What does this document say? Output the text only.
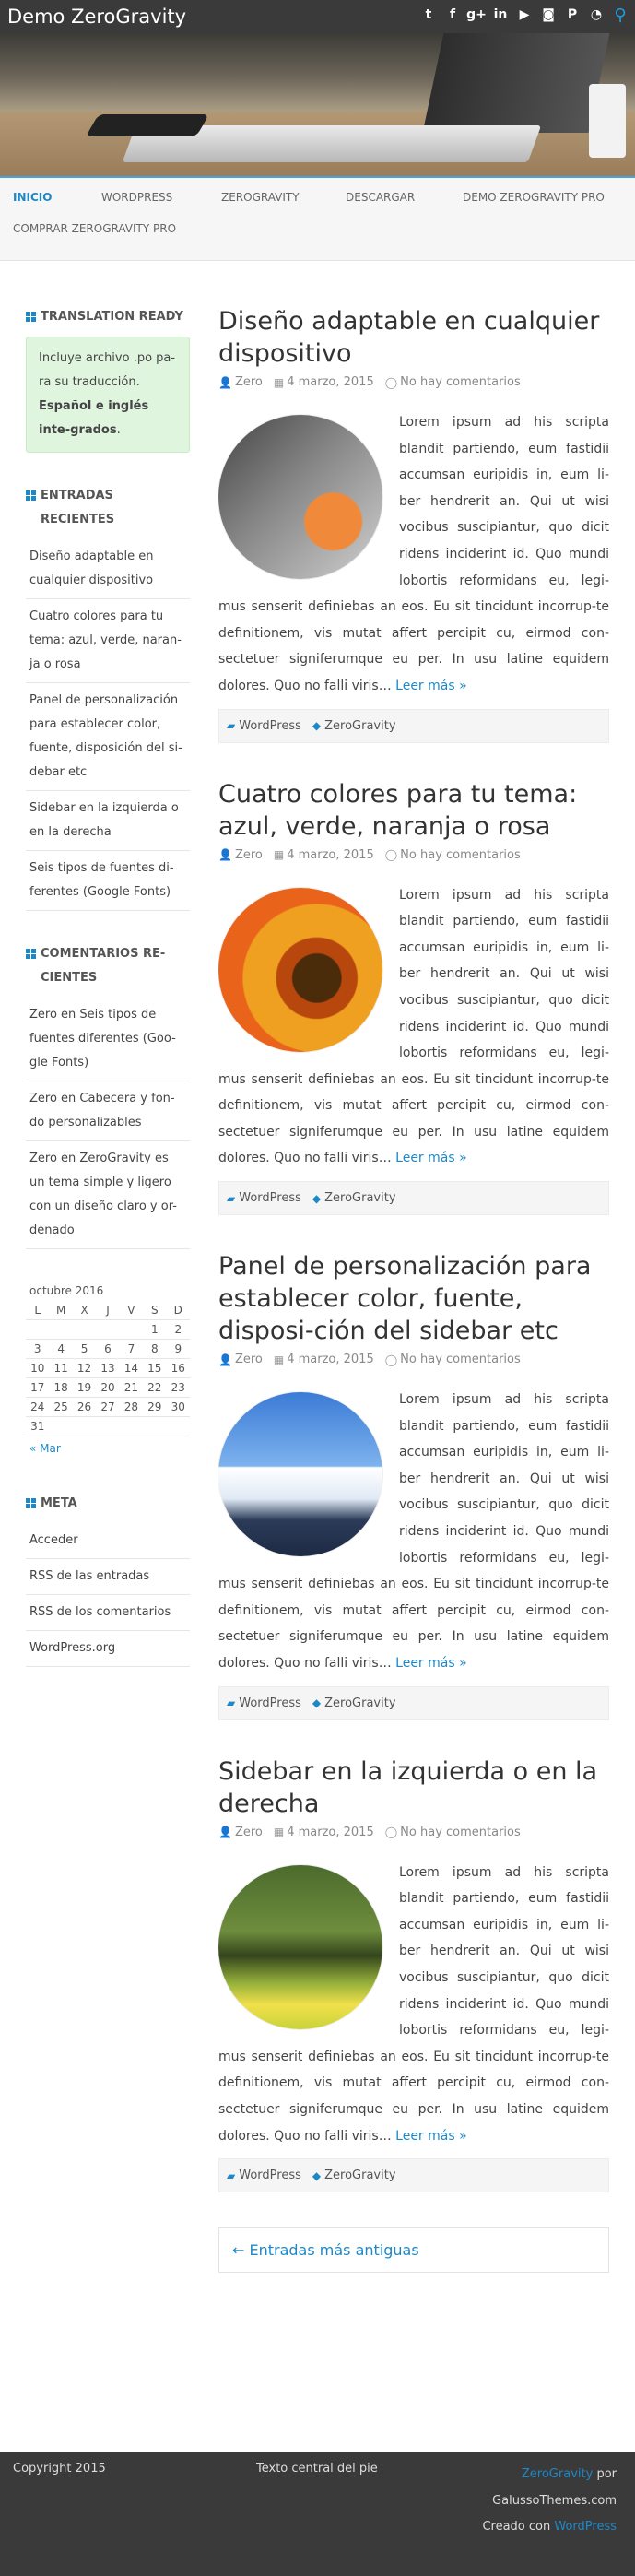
Demo ZeroGravity	t	f g+ in ▶ ◙	P	◔ ⚲
INICIO	WORDPRESS	ZEROGRAVITY	DESCARGAR	DEMO ZEROGRAVITY PRO
COMPRAR ZEROGRAVITY PRO
TRANSLATION READY
Incluye archivo .po pa-ra su traducción. Español e inglés inte-grados.
ENTRADAS RECIENTES
Diseño adaptable en cualquier dispositivo
Cuatro colores para tu tema: azul, verde, naran-ja o rosa
Panel de personalización para establecer color, fuente, disposición del si-debar etc
Sidebar en la izquierda o en la derecha
Seis tipos de fuentes di-ferentes (Google Fonts)
COMENTARIOS RE-CIENTES
Zero en Seis tipos de fuentes diferentes (Goo-gle Fonts)
Zero en Cabecera y fon-do personalizables
Zero en ZeroGravity es un tema simple y ligero con un diseño claro y or-denado
octubre 2016
L	M	X	J	V	S	D
					1	2
3	4	5	6	7	8	9
10	11	12	13	14	15	16
17	18	19	20	21	22	23
24	25	26	27	28	29	30
31						
« Mar
META
Acceder
RSS de las entradas
RSS de los comentarios
WordPress.org
Diseño adaptable en cualquier dispositivo
👤 Zero ▦ 4 marzo, 2015 ◯ No hay comentarios
Lorem ipsum ad his scripta blandit partiendo, eum fastidii accumsan euripidis in, eum li-ber hendrerit an. Qui ut wisi vocibus suscipiantur, quo dicit ridens inciderint id. Quo mundi lobortis reformidans eu, legi-mus senserit definiebas an eos. Eu sit tincidunt incorrup-te definitionem, vis mutat affert percipit cu, eirmod con-sectetuer signiferumque eu per. In usu latine equidem dolores. Quo no falli viris… Leer más »
▰ WordPress ◆ ZeroGravity
Cuatro colores para tu tema: azul, verde, naranja o rosa
👤 Zero ▦ 4 marzo, 2015 ◯ No hay comentarios
Lorem ipsum ad his scripta blandit partiendo, eum fastidii accumsan euripidis in, eum li-ber hendrerit an. Qui ut wisi vocibus suscipiantur, quo dicit ridens inciderint id. Quo mundi lobortis reformidans eu, legi-mus senserit definiebas an eos. Eu sit tincidunt incorrup-te definitionem, vis mutat affert percipit cu, eirmod con-sectetuer signiferumque eu per. In usu latine equidem dolores. Quo no falli viris… Leer más »
▰ WordPress ◆ ZeroGravity
Panel de personalización para establecer color, fuente, disposi-ción del sidebar etc
👤 Zero ▦ 4 marzo, 2015 ◯ No hay comentarios
Lorem ipsum ad his scripta blandit partiendo, eum fastidii accumsan euripidis in, eum li-ber hendrerit an. Qui ut wisi vocibus suscipiantur, quo dicit ridens inciderint id. Quo mundi lobortis reformidans eu, legi-mus senserit definiebas an eos. Eu sit tincidunt incorrup-te definitionem, vis mutat affert percipit cu, eirmod con-sectetuer signiferumque eu per. In usu latine equidem dolores. Quo no falli viris… Leer más »
▰ WordPress ◆ ZeroGravity
Sidebar en la izquierda o en la derecha
👤 Zero ▦ 4 marzo, 2015 ◯ No hay comentarios
Lorem ipsum ad his scripta blandit partiendo, eum fastidii accumsan euripidis in, eum li-ber hendrerit an. Qui ut wisi vocibus suscipiantur, quo dicit ridens inciderint id. Quo mundi lobortis reformidans eu, legi-mus senserit definiebas an eos. Eu sit tincidunt incorrup-te definitionem, vis mutat affert percipit cu, eirmod con-sectetuer signiferumque eu per. In usu latine equidem dolores. Quo no falli viris… Leer más »
▰ WordPress ◆ ZeroGravity
← Entradas más antiguas
Copyright 2015	Texto central del pie	ZeroGravity por
GalussoThemes.com
Creado con WordPress
